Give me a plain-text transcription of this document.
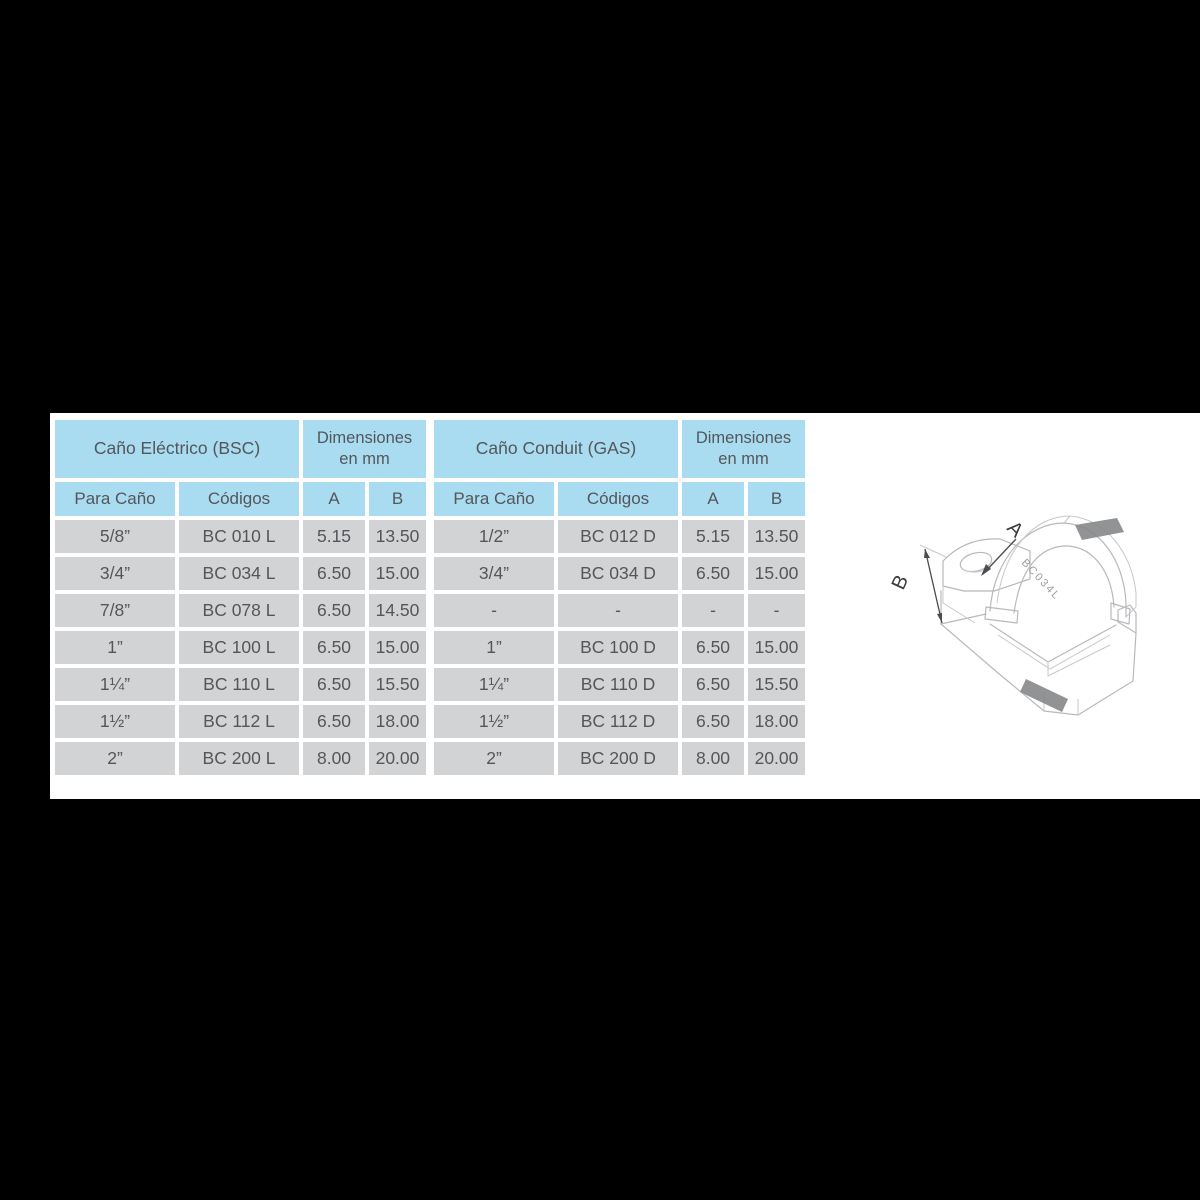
Caño Eléctrico (BSC)		Dimensiones en mm	
Para Caño	Códigos	A	B
5/8”	BC 010 L	5.15	13.50
3/4”	BC 034 L	6.50	15.00
7/8”	BC 078 L	6.50	14.50
1”	BC 100 L	6.50	15.00
1¼”	BC 110 L	6.50	15.50
1½”	BC 112 L	6.50	18.00
2”	BC 200 L	8.00	20.00
Caño Conduit (GAS)		Dimensiones en mm	
Para Caño	Códigos	A	B
1/2”	BC 012 D	5.15	13.50
3/4”	BC 034 D	6.50	15.00
-	-	-	-
1”	BC 100 D	6.50	15.00
1¼”	BC 110 D	6.50	15.50
1½”	BC 112 D	6.50	18.00
2”	BC 200 D	8.00	20.00
BC034L
A
B
